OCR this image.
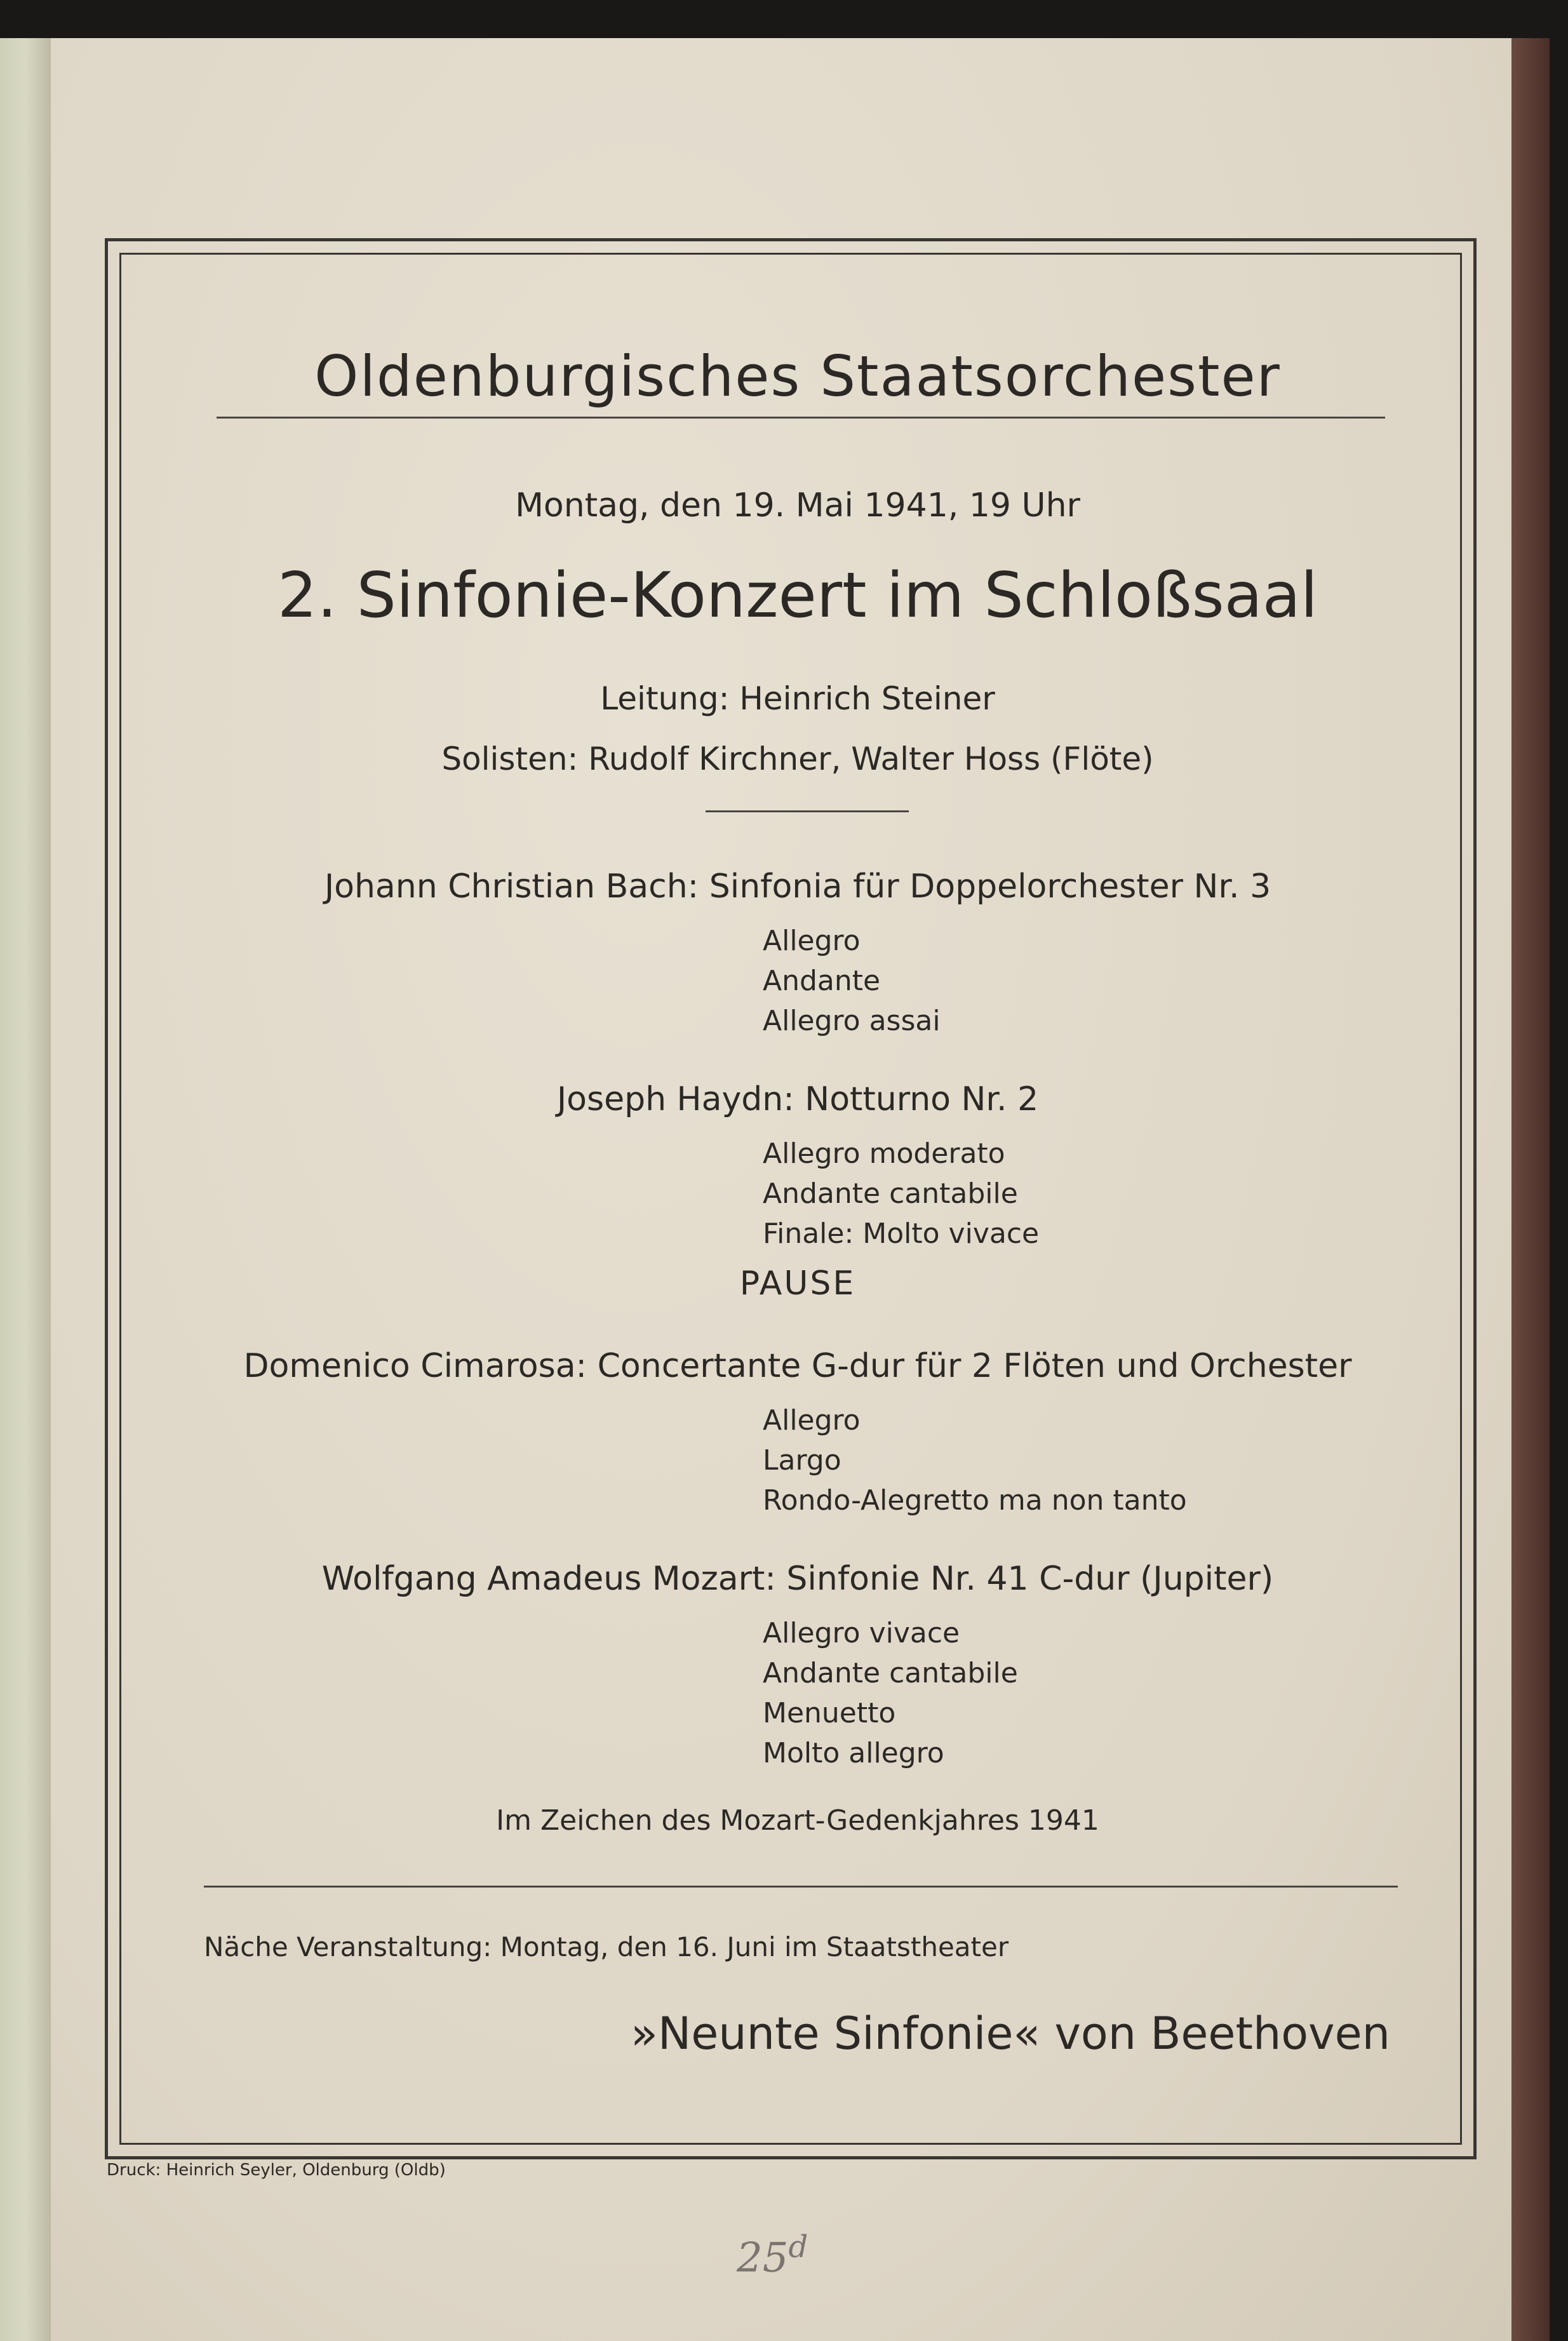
Oldenburgisches Staatsorchester
Montag, den 19. Mai 1941, 19 Uhr
2. Sinfonie-Konzert im Schloßsaal
Leitung: Heinrich Steiner
Solisten: Rudolf Kirchner, Walter Hoss (Flöte)
Johann Christian Bach: Sinfonia für Doppelorchester Nr. 3
Allegro
Andante
Allegro assai
Joseph Haydn: Notturno Nr. 2
Allegro moderato
Andante cantabile
Finale: Molto vivace
PAUSE
Domenico Cimarosa: Concertante G-dur für 2 Flöten und Orchester
Allegro
Largo
Rondo-Alegretto ma non tanto
Wolfgang Amadeus Mozart: Sinfonie Nr. 41 C-dur (Jupiter)
Allegro vivace
Andante cantabile
Menuetto
Molto allegro
Im Zeichen des Mozart-Gedenkjahres 1941
Näche Veranstaltung: Montag, den 16. Juni im Staatstheater
»Neunte Sinfonie« von Beethoven
Druck: Heinrich Seyler, Oldenburg (Oldb)
25$^d$
